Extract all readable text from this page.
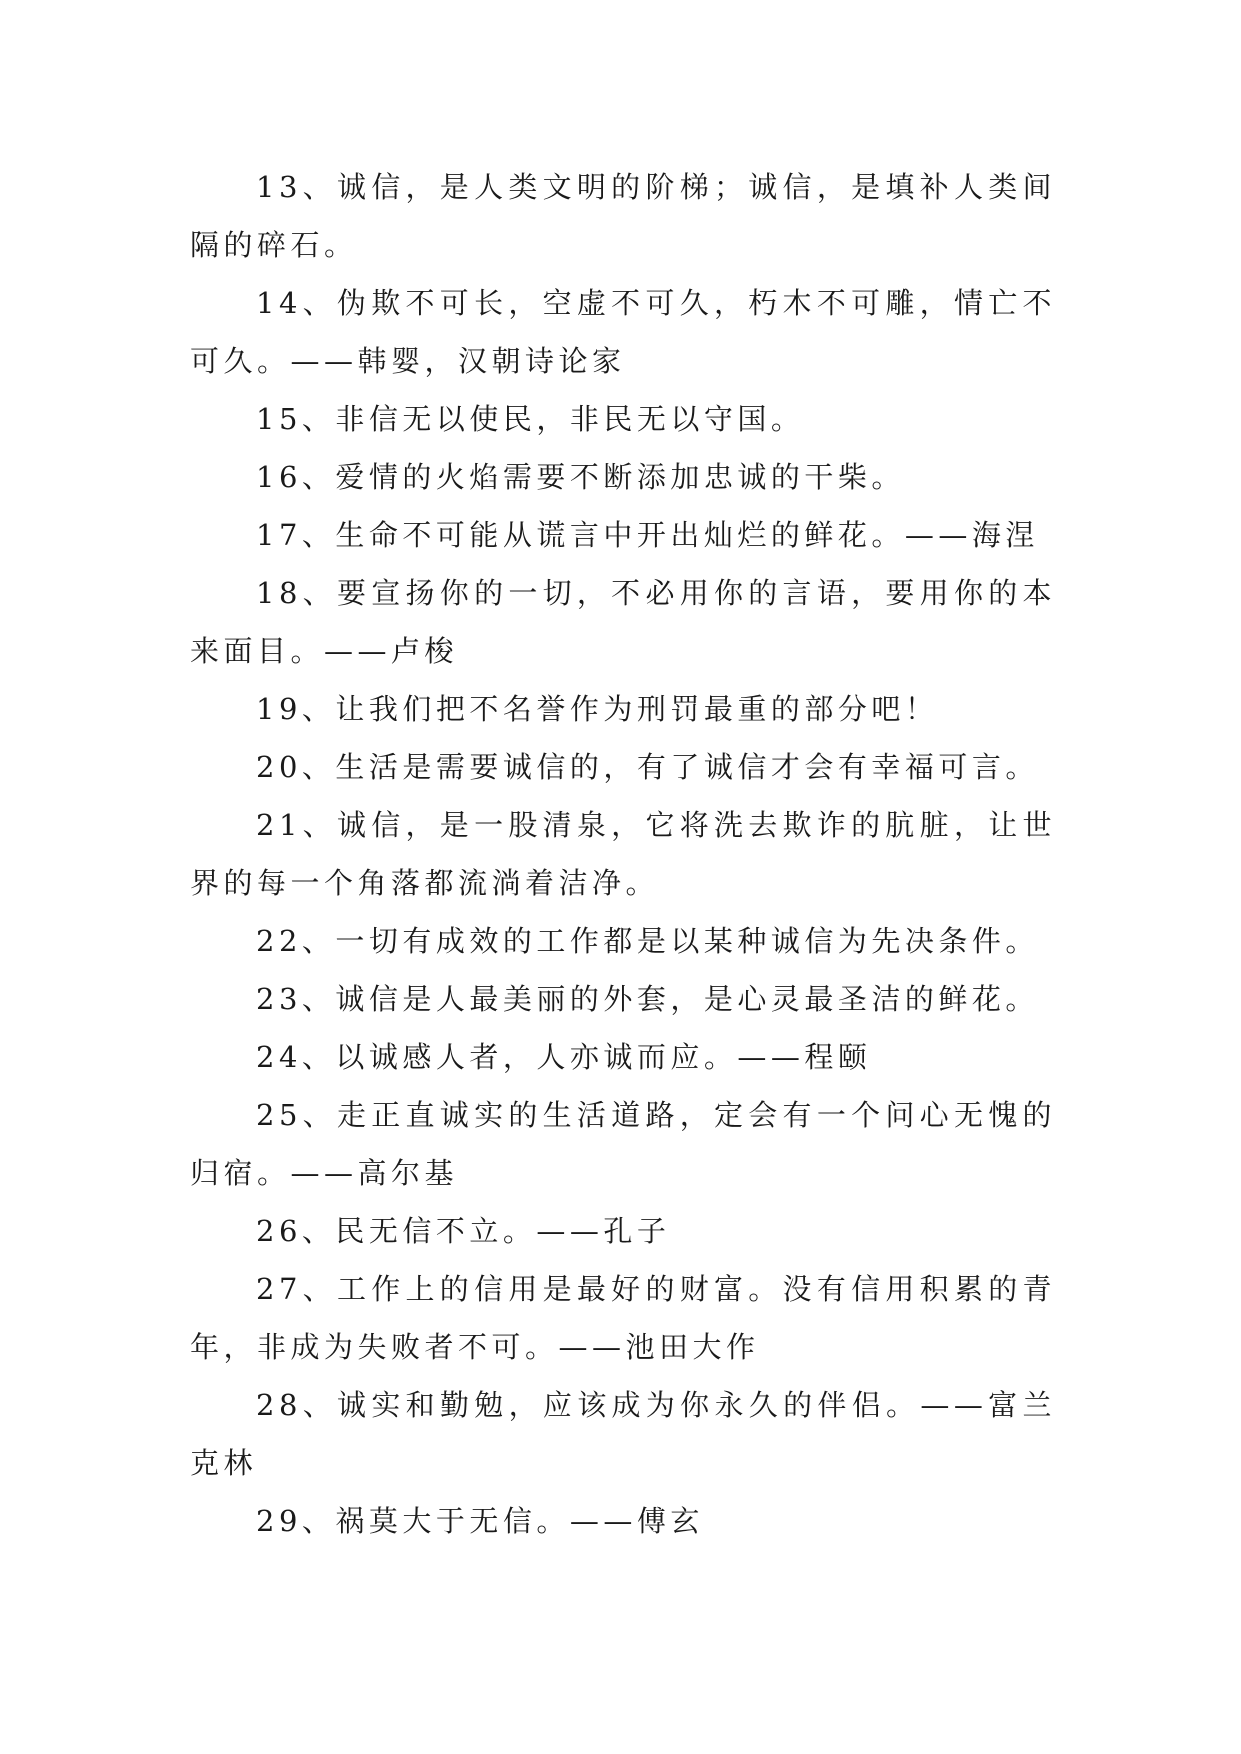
13、诚信，是人类文明的阶梯；诚信，是填补人类间隔的碎石。

14、伪欺不可长，空虚不可久，朽木不可雕，情亡不可久。——韩婴，汉朝诗论家

15、非信无以使民，非民无以守国。

16、爱情的火焰需要不断添加忠诚的干柴。

17、生命不可能从谎言中开出灿烂的鲜花。——海涅

18、要宣扬你的一切，不必用你的言语，要用你的本来面目。——卢梭

19、让我们把不名誉作为刑罚最重的部分吧！

20、生活是需要诚信的，有了诚信才会有幸福可言。

21、诚信，是一股清泉，它将洗去欺诈的肮脏，让世界的每一个角落都流淌着洁净。

22、一切有成效的工作都是以某种诚信为先决条件。

23、诚信是人最美丽的外套，是心灵最圣洁的鲜花。

24、以诚感人者，人亦诚而应。——程颐

25、走正直诚实的生活道路，定会有一个问心无愧的归宿。——高尔基

26、民无信不立。——孔子

27、工作上的信用是最好的财富。没有信用积累的青年，非成为失败者不可。——池田大作

28、诚实和勤勉，应该成为你永久的伴侣。——富兰克林

29、祸莫大于无信。——傅玄
